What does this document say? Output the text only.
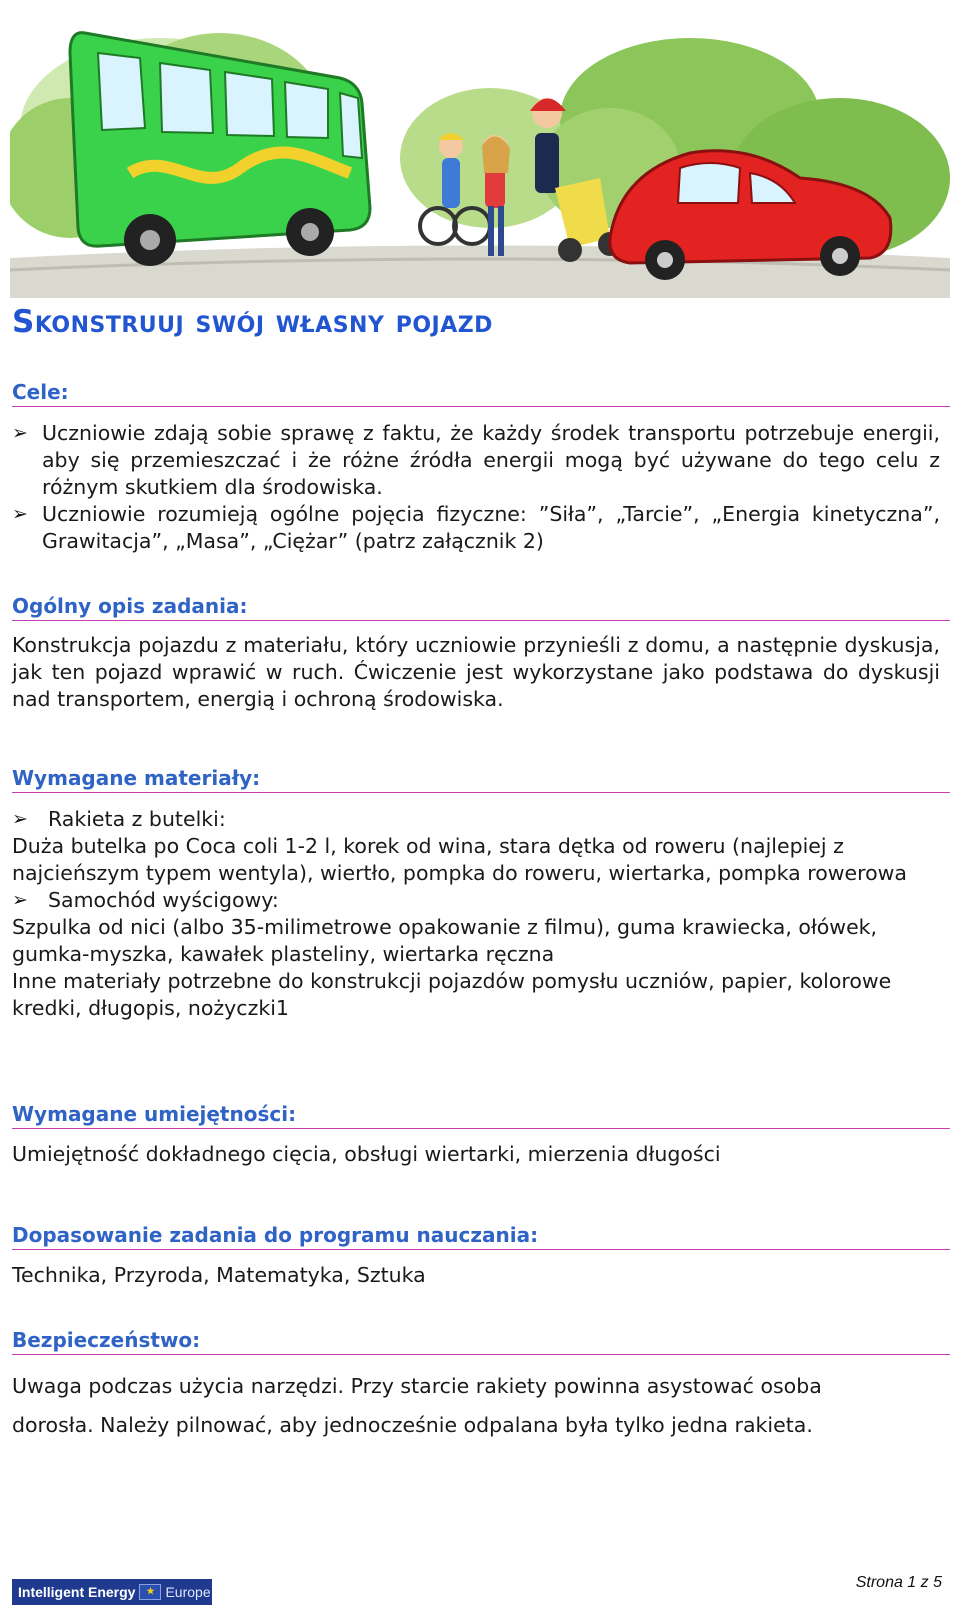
Skonstruuj swój własny pojazd
Cele:
➢ Uczniowie zdają sobie sprawę z faktu, że każdy środek transportu potrzebuje energii, aby się przemieszczać i że różne źródła energii mogą być używane do tego celu z różnym skutkiem dla środowiska.
➢ Uczniowie rozumieją ogólne pojęcia fizyczne: ”Siła”, „Tarcie”, „Energia kinetyczna”, Grawitacja”, „Masa”, „Ciężar” (patrz załącznik 2)
Ogólny opis zadania:
Konstrukcja pojazdu z materiału, który uczniowie przynieśli z domu, a następnie dyskusja, jak ten pojazd wprawić w ruch. Ćwiczenie jest wykorzystane jako podstawa do dyskusji nad transportem, energią i ochroną środowiska.
Wymagane materiały:
➢ Rakieta z butelki:
Duża butelka po Coca coli 1-2 l, korek od wina, stara dętka od roweru (najlepiej z najcieńszym typem wentyla), wiertło, pompka do roweru, wiertarka, pompka rowerowa
➢ Samochód wyścigowy:
Szpulka od nici (albo 35-milimetrowe opakowanie z filmu), guma krawiecka, ołówek, gumka-myszka, kawałek plasteliny, wiertarka ręczna
Inne materiały potrzebne do konstrukcji pojazdów pomysłu uczniów, papier, kolorowe kredki, długopis, nożyczki1
Wymagane umiejętności:
Umiejętność dokładnego cięcia, obsługi wiertarki, mierzenia długości
Dopasowanie zadania do programu nauczania:
Technika, Przyroda, Matematyka, Sztuka
Bezpieczeństwo:
Uwaga podczas użycia narzędzi. Przy starcie rakiety powinna asystować osoba
dorosła. Należy pilnować, aby jednocześnie odpalana była tylko jedna rakieta.
Intelligent Energy
★ Europe
Strona 1 z 5
